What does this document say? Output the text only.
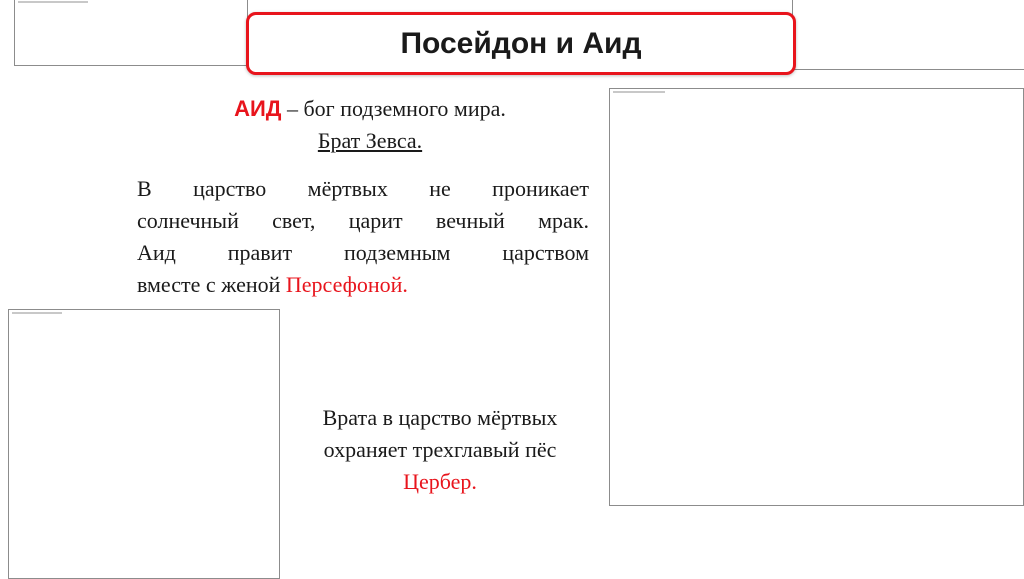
Посейдон и Аид
АИД – бог подземного мира.
Брат Зевса.
В царство мёртвых не проникает
солнечный свет, царит вечный мрак.
Аид правит подземным царством
вместе с женой Персефоной.
Врата в царство мёртвых
охраняет трехглавый пёс
Цербер.
